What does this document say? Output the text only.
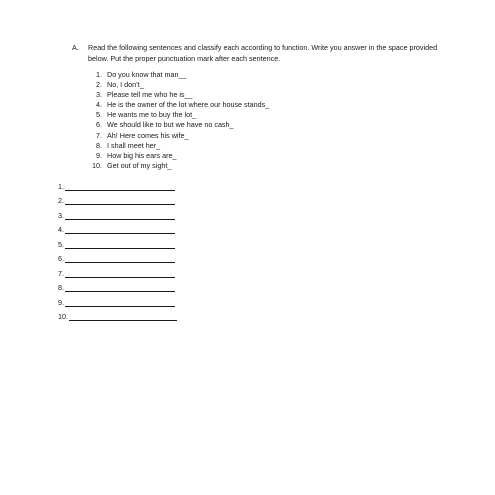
A.	Read the following sentences and classify each according to function. Write you answer in the space provided below. Put the proper punctuation mark after each sentence.
1. Do you know that man__
2. No, I don’t_
3. Please tell me who he is__
4. He is the owner of the lot where our house stands_
5. He wants me to buy the lot_
6. We should like to but we have no cash_
7. Ah! Here comes his wife_
8. I shall meet her_
9. How big his ears are_
10. Get out of my sight_
1.
2.
3.
4.
5.
6.
7.
8.
9.
10.
